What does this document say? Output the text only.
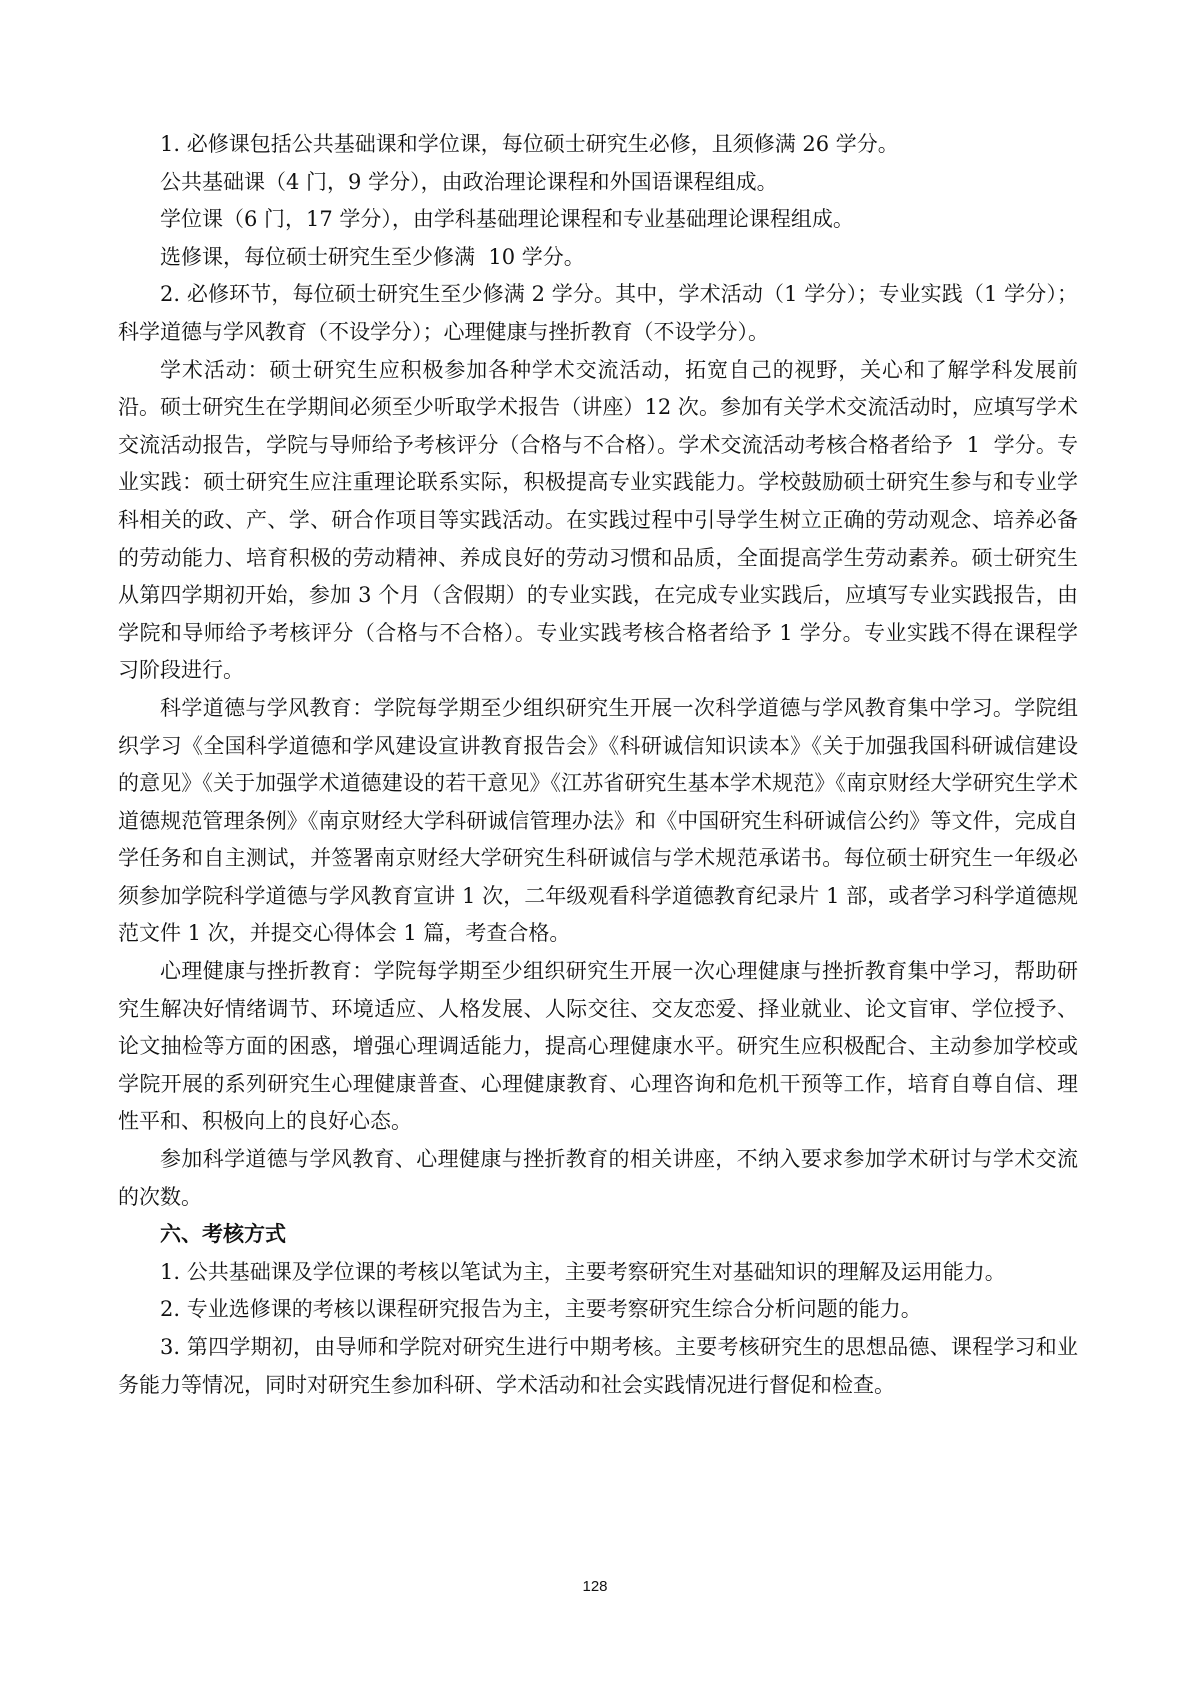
1. 必修课包括公共基础课和学位课，每位硕士研究生必修，且须修满 26 学分。

公共基础课（4 门，9 学分），由政治理论课程和外国语课程组成。

学位课（6 门，17 学分），由学科基础理论课程和专业基础理论课程组成。

选修课，每位硕士研究生至少修满  10 学分。

2. 必修环节，每位硕士研究生至少修满 2 学分。其中，学术活动（1 学分）；专业实践（1 学分）；科学道德与学风教育（不设学分）；心理健康与挫折教育（不设学分）。

学术活动：硕士研究生应积极参加各种学术交流活动，拓宽自己的视野，关心和了解学科发展前沿。硕士研究生在学期间必须至少听取学术报告（讲座）12 次。参加有关学术交流活动时，应填写学术交流活动报告，学院与导师给予考核评分（合格与不合格）。学术交流活动考核合格者给予  1  学分。专业实践：硕士研究生应注重理论联系实际，积极提高专业实践能力。学校鼓励硕士研究生参与和专业学科相关的政、产、学、研合作项目等实践活动。在实践过程中引导学生树立正确的劳动观念、培养必备的劳动能力、培育积极的劳动精神、养成良好的劳动习惯和品质，全面提高学生劳动素养。硕士研究生从第四学期初开始，参加 3 个月（含假期）的专业实践，在完成专业实践后，应填写专业实践报告，由学院和导师给予考核评分（合格与不合格）。专业实践考核合格者给予 1 学分。专业实践不得在课程学习阶段进行。

科学道德与学风教育：学院每学期至少组织研究生开展一次科学道德与学风教育集中学习。学院组织学习《全国科学道德和学风建设宣讲教育报告会》《科研诚信知识读本》《关于加强我国科研诚信建设的意见》《关于加强学术道德建设的若干意见》《江苏省研究生基本学术规范》《南京财经大学研究生学术道德规范管理条例》《南京财经大学科研诚信管理办法》和《中国研究生科研诚信公约》等文件，完成自学任务和自主测试，并签署南京财经大学研究生科研诚信与学术规范承诺书。每位硕士研究生一年级必须参加学院科学道德与学风教育宣讲 1 次，二年级观看科学道德教育纪录片 1 部，或者学习科学道德规范文件 1 次，并提交心得体会 1 篇，考查合格。

心理健康与挫折教育：学院每学期至少组织研究生开展一次心理健康与挫折教育集中学习，帮助研究生解决好情绪调节、环境适应、人格发展、人际交往、交友恋爱、择业就业、论文盲审、学位授予、论文抽检等方面的困惑，增强心理调适能力，提高心理健康水平。研究生应积极配合、主动参加学校或学院开展的系列研究生心理健康普查、心理健康教育、心理咨询和危机干预等工作，培育自尊自信、理性平和、积极向上的良好心态。

参加科学道德与学风教育、心理健康与挫折教育的相关讲座，不纳入要求参加学术研讨与学术交流的次数。

六、考核方式

1. 公共基础课及学位课的考核以笔试为主，主要考察研究生对基础知识的理解及运用能力。

2. 专业选修课的考核以课程研究报告为主，主要考察研究生综合分析问题的能力。

3. 第四学期初，由导师和学院对研究生进行中期考核。主要考核研究生的思想品德、课程学习和业务能力等情况，同时对研究生参加科研、学术活动和社会实践情况进行督促和检查。

128
